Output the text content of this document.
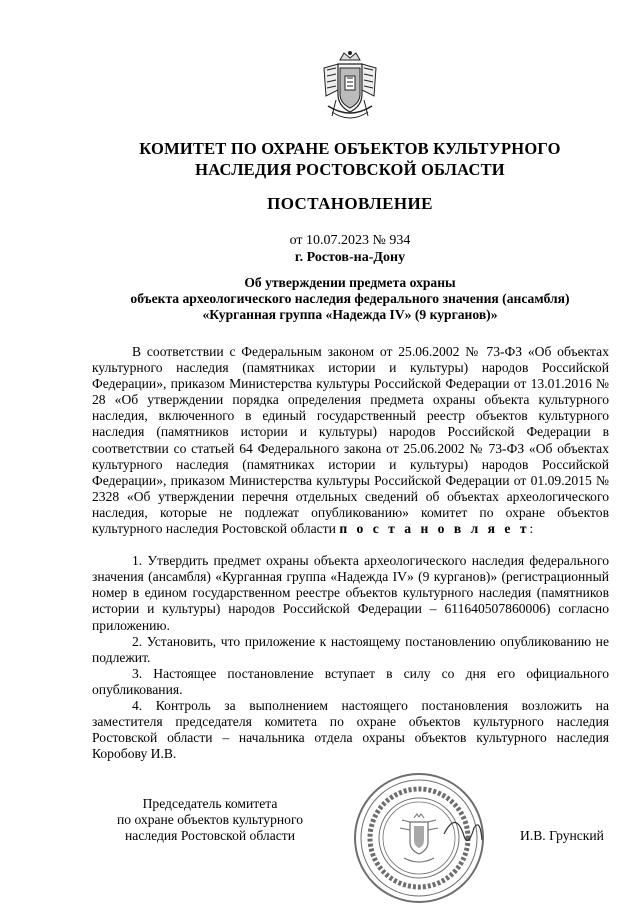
КОМИТЕТ ПО ОХРАНЕ ОБЪЕКТОВ КУЛЬТУРНОГО
НАСЛЕДИЯ РОСТОВСКОЙ ОБЛАСТИ
ПОСТАНОВЛЕНИЕ
от 10.07.2023 № 934
г. Ростов-на-Дону
Об утверждении предмета охраны
объекта археологического наследия федерального значения (ансамбля)
«Курганная группа «Надежда IV» (9 курганов)»

В соответствии с Федеральным законом от 25.06.2002 № 73-ФЗ «Об объектах культурного наследия (памятниках истории и культуры) народов Российской Федерации», приказом Министерства культуры Российской Федерации от 13.01.2016 № 28 «Об утверждении порядка определения предмета охраны объекта культурного наследия, включенного в единый государственный реестр объектов культурного наследия (памятников истории и культуры) народов Российской Федерации в соответствии со статьей 64 Федерального закона от 25.06.2002 № 73-ФЗ «Об объектах культурного наследия (памятниках истории и культуры) народов Российской Федерации», приказом Министерства культуры Российской Федерации от 01.09.2015 № 2328 «Об утверждении перечня отдельных сведений об объектах археологического наследия, которые не подлежат опубликованию» комитет по охране объектов культурного наследия Ростовской области п о с т а н о в л я е т:

1. Утвердить предмет охраны объекта археологического наследия федерального значения (ансамбля) «Курганная группа «Надежда IV» (9 курганов)» (регистрационный номер в едином государственном реестре объектов культурного наследия (памятников истории и культуры) народов Российской Федерации – 611640507860006) согласно приложению.

2. Установить, что приложение к настоящему постановлению опубликованию не подлежит.

3. Настоящее постановление вступает в силу со дня его официального опубликования.

4. Контроль за выполнением настоящего постановления возложить на заместителя председателя комитета по охране объектов культурного наследия Ростовской области – начальника отдела охраны объектов культурного наследия Коробову И.В.

Председатель комитета
по охране объектов культурного
наследия Ростовской области	И.В. Грунский
